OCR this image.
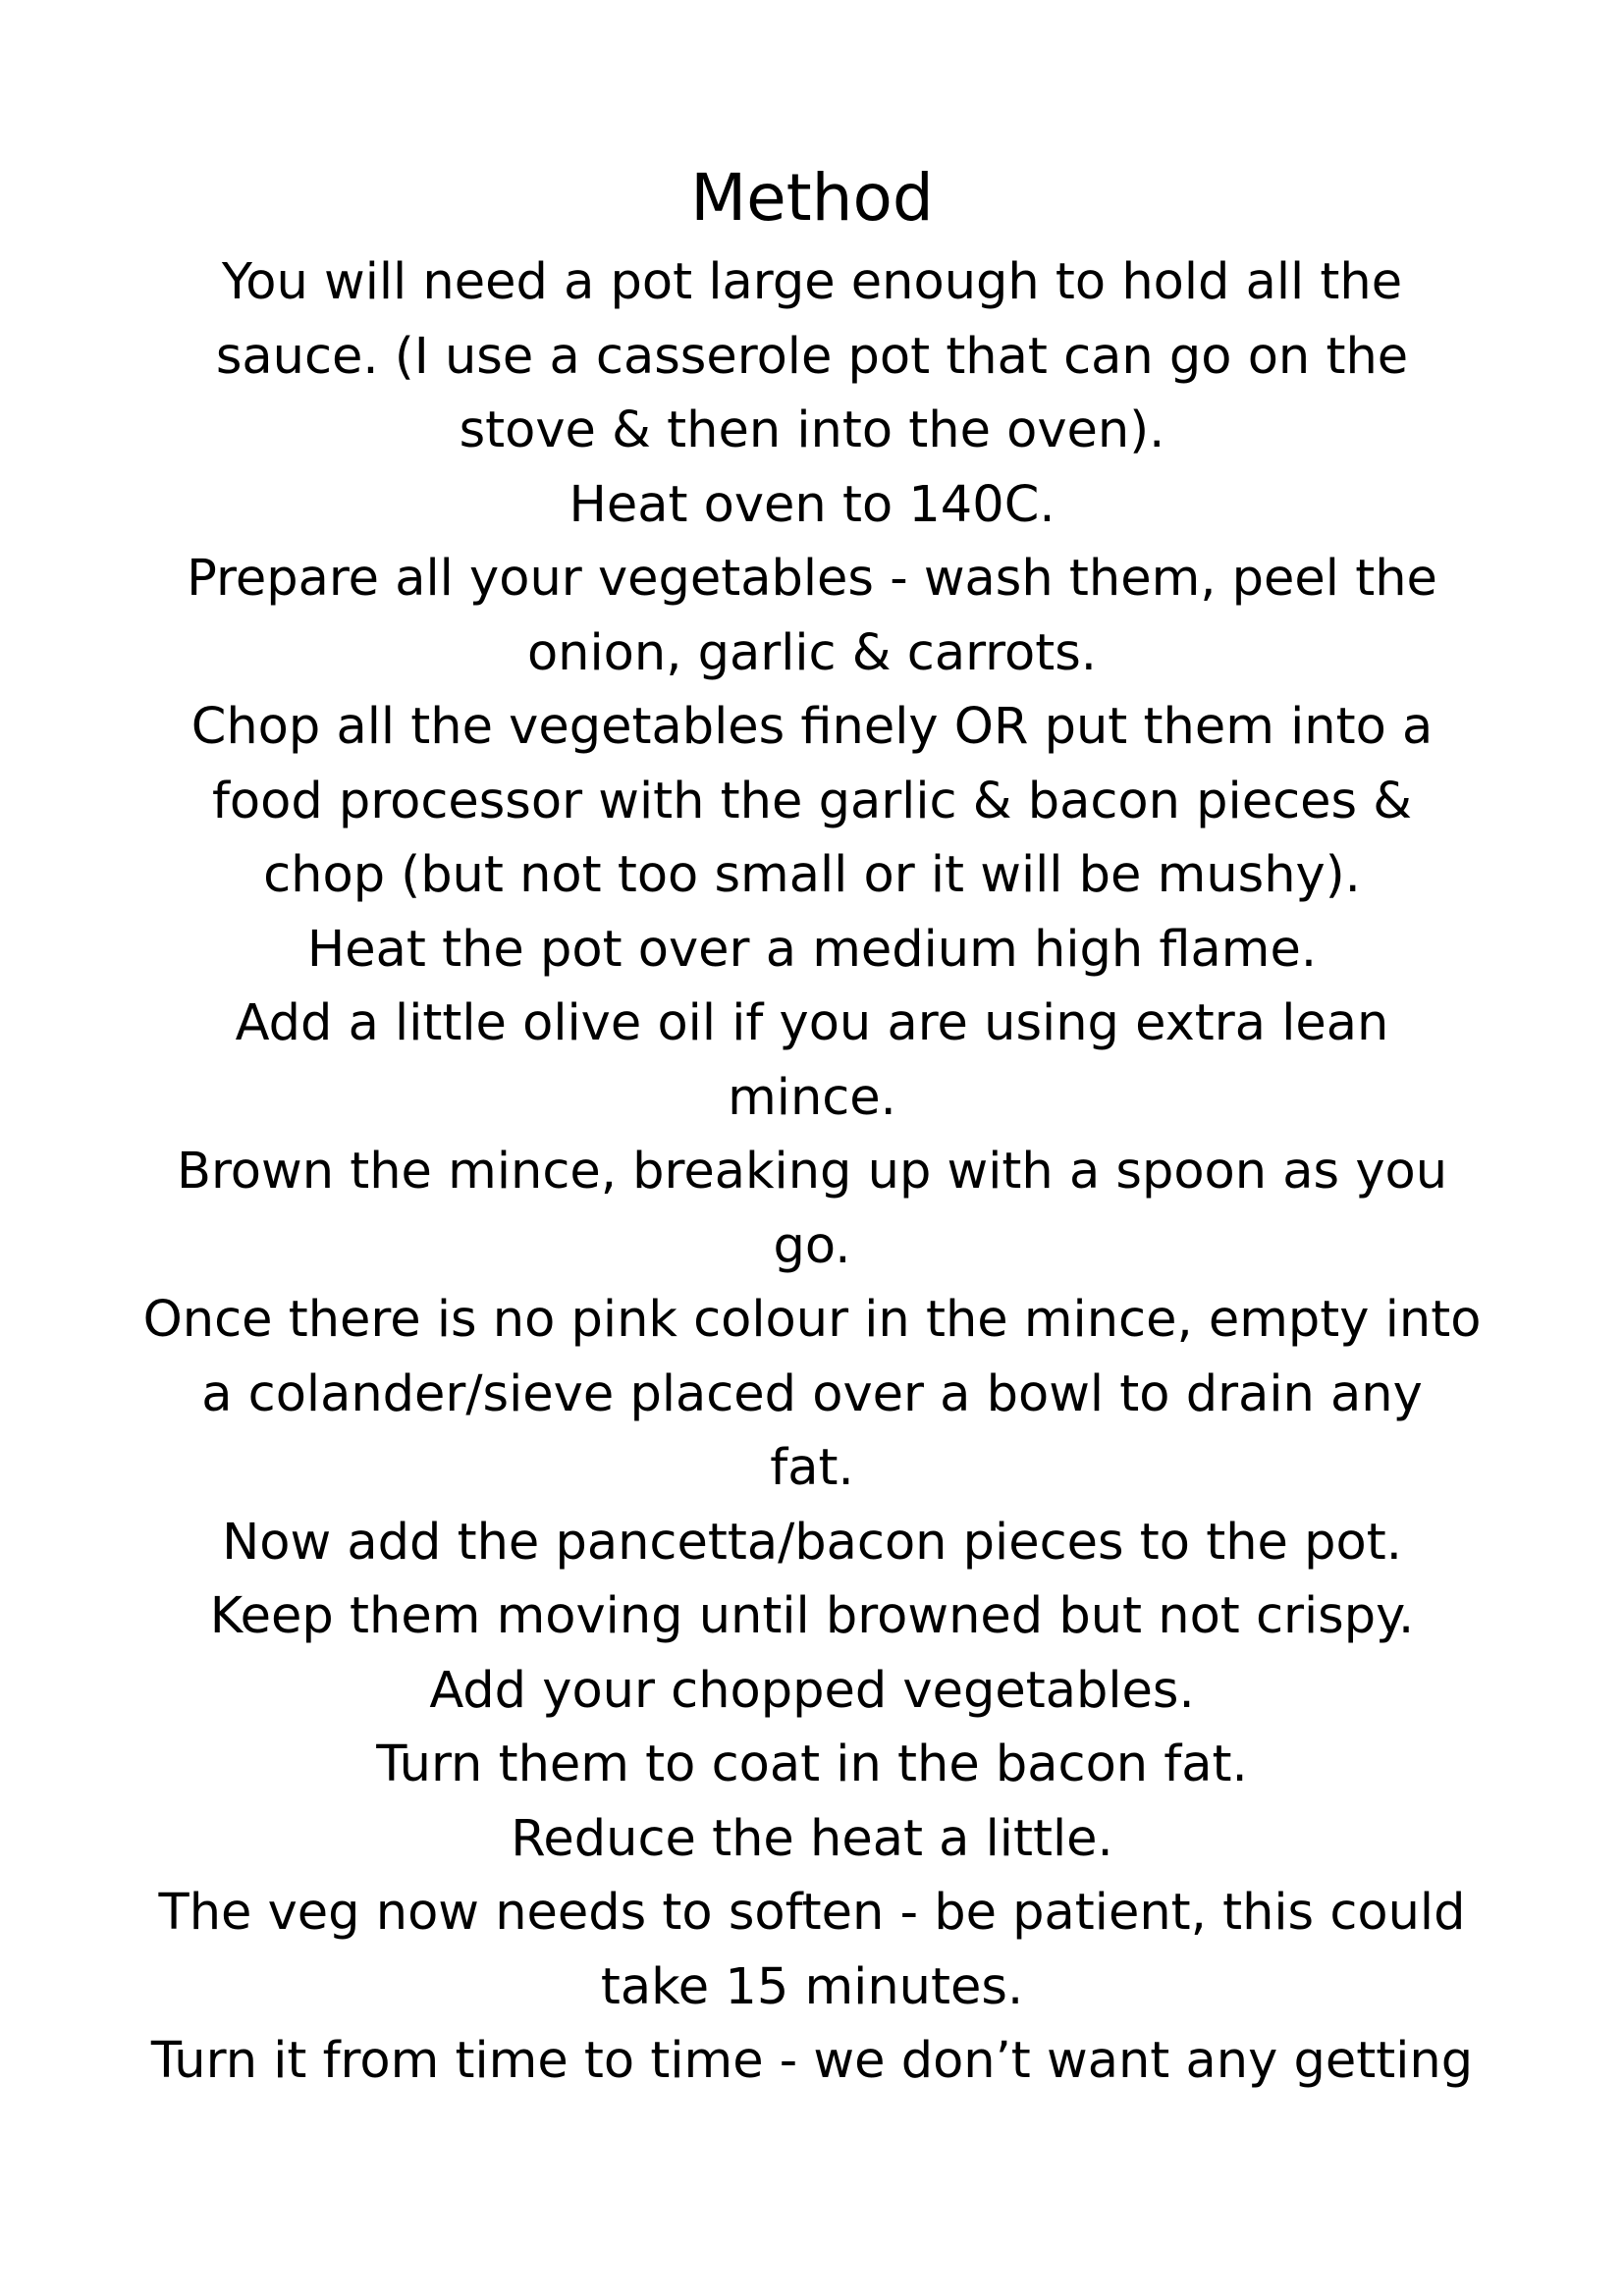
Method
You will need a pot large enough to hold all the
sauce. (I use a casserole pot that can go on the
stove & then into the oven).
Heat oven to 140C.
Prepare all your vegetables - wash them, peel the
onion, garlic & carrots.
Chop all the vegetables finely OR put them into a
food processor with the garlic & bacon pieces &
chop (but not too small or it will be mushy).
Heat the pot over a medium high flame.
Add a little olive oil if you are using extra lean
mince.
Brown the mince, breaking up with a spoon as you
go.
Once there is no pink colour in the mince, empty into
a colander/sieve placed over a bowl to drain any
fat.
Now add the pancetta/bacon pieces to the pot.
Keep them moving until browned but not crispy.
Add your chopped vegetables.
Turn them to coat in the bacon fat.
Reduce the heat a little.
The veg now needs to soften - be patient, this could
take 15 minutes.
Turn it from time to time - we don’t want any getting
